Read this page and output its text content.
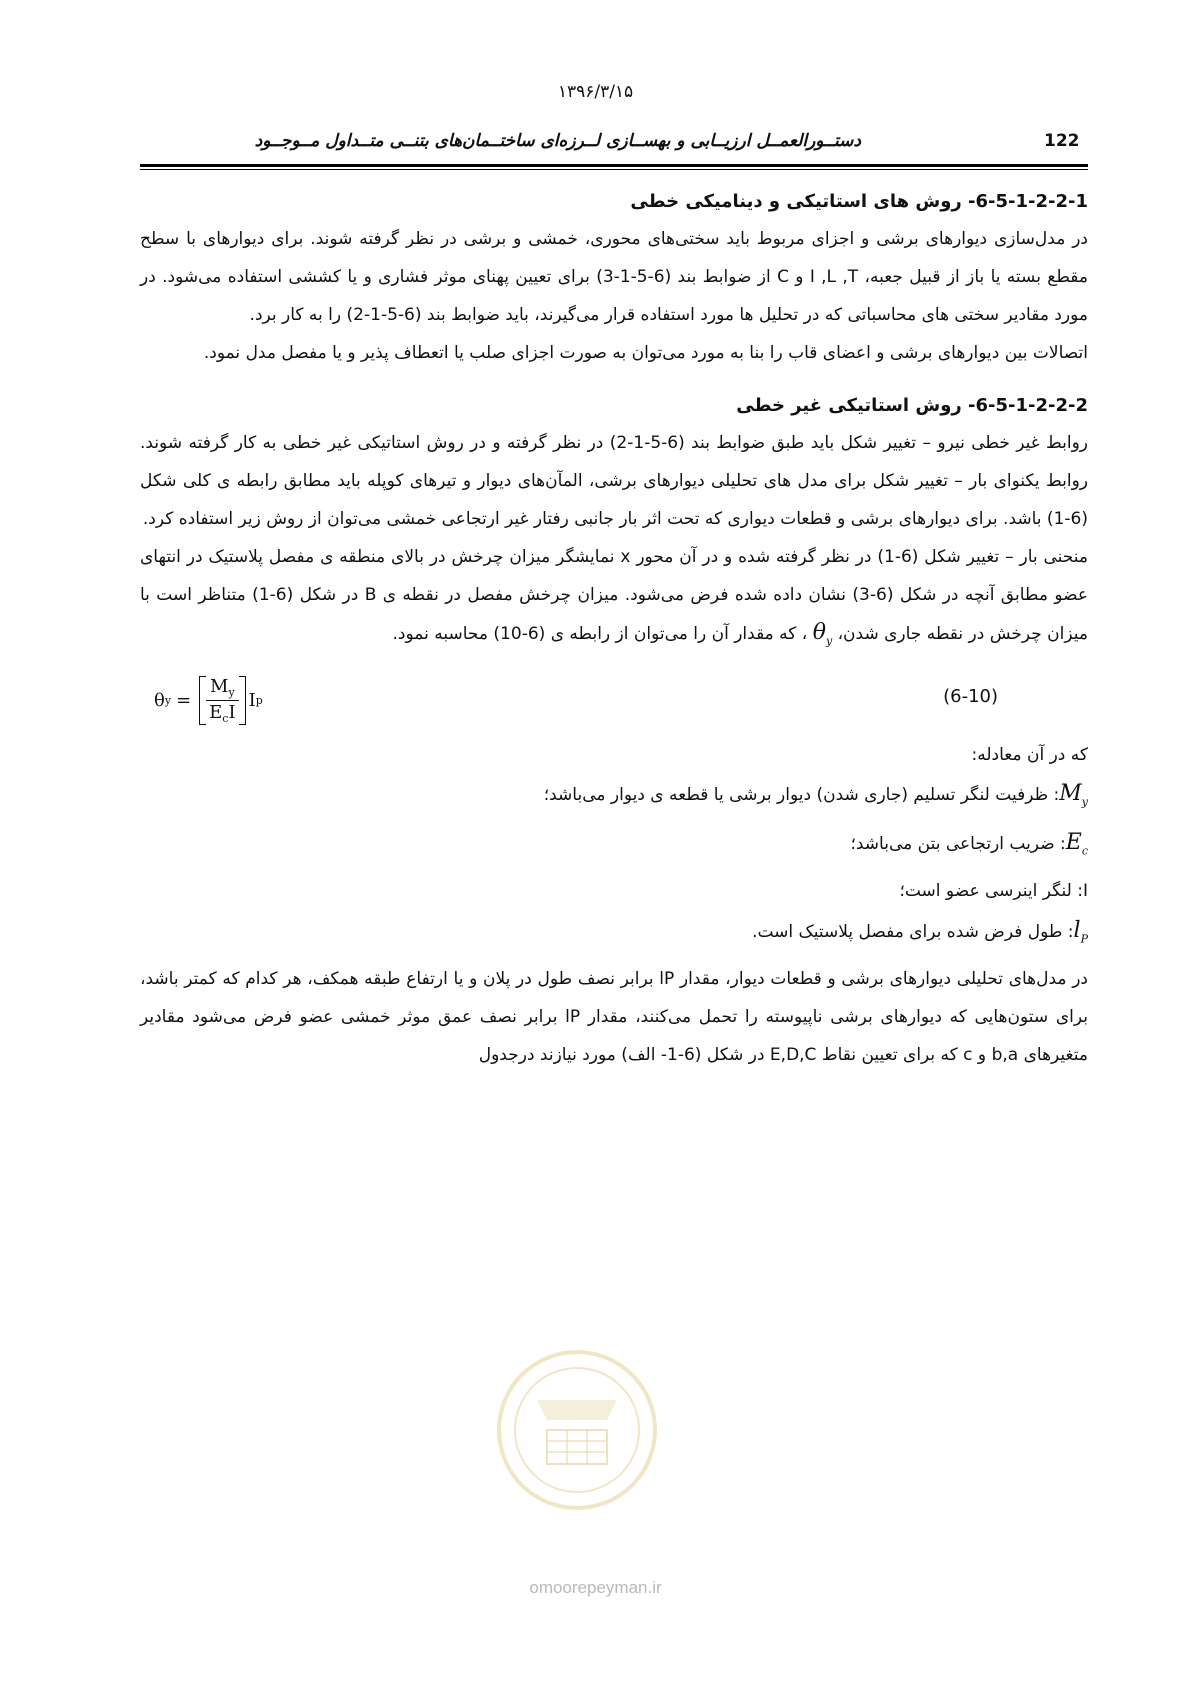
۱۳۹۶/۳/۱۵
122
دستــورالعمــل ارزیــابی و بهســازی لــرزه‌ای ساختــمان‌های بتنــی متــداول مــوجــود
6-5-1-2-2-1- روش های استاتیکی و دینامیکی خطی

در مدل‌سازی دیوارهای برشی و اجزای مربوط باید سختی‌های محوری، خمشی و برشی در نظر گرفته شوند. برای دیوارهای با سطح مقطع بسته یا باز از قبیل جعبه، I ,L ,T و C از ضوابط بند (6-5-1-3) برای تعیین پهنای موثر فشاری و یا کششی استفاده می‌شود. در مورد مقادیر سختی های محاسباتی که در تحلیل ها مورد استفاده قرار می‌گیرند، باید ضوابط بند (6-5-1-2) را به کار برد.

اتصالات بین دیوارهای برشی و اعضای قاب را بنا به مورد می‌توان به صورت اجزای صلب یا اتعطاف پذیر و یا مفصل مدل نمود.

6-5-1-2-2-2- روش استاتیکی غیر خطی

روابط غیر خطی نیرو – تغییر شکل باید طبق ضوابط بند (6-5-1-2) در نظر گرفته و در روش استاتیکی غیر خطی به کار گرفته شوند. روابط یکنوای بار – تغییر شکل برای مدل های تحلیلی دیوارهای برشی، المآن‌های دیوار و تیرهای کوپله باید مطابق رابطه ی کلی شکل (6-1) باشد. برای دیوارهای برشی و قطعات دیواری که تحت اثر بار جانبی رفتار غیر ارتجاعی خمشی می‌توان از روش زیر استفاده کرد.

منحنی بار – تغییر شکل (6-1) در نظر گرفته شده و در آن محور x نمایشگر میزان چرخش در بالای منطقه ی مفصل پلاستیک در انتهای عضو مطابق آنچه در شکل (6-3) نشان داده شده فرض می‌شود. میزان چرخش مفصل در نقطه ی B در شکل (6-1) متناظر است با میزان چرخش در نقطه جاری شدن، $\theta_y$ ، که مقدار آن را می‌توان از رابطه ی (6-10) محاسبه نمود.

θ $y = \frac{M_y}{E_cI}$ I p	(6-10)

که در آن معادله:

$M_y$: ظرفیت لنگر تسلیم (جاری شدن) دیوار برشی یا قطعه ی دیوار می‌باشد؛

$E_c$: ضریب ارتجاعی بتن می‌باشد؛

I: لنگر اینرسی عضو است؛

$l_P$: طول فرض شده برای مفصل پلاستیک است.

در مدل‌های تحلیلی دیوارهای برشی و قطعات دیوار، مقدار lP برابر نصف طول در پلان و یا ارتفاع طبقه همکف، هر کدام که کمتر باشد، برای ستون‌هایی که دیوارهای برشی ناپیوسته را تحمل می‌کنند، مقدار lP برابر نصف عمق موثر خمشی عضو فرض می‌شود مقادیر متغیرهای b,a و c که برای تعیین نقاط E,D,C در شکل (6-1- الف) مورد نیازند درجدول

omoorepeyman.ir
